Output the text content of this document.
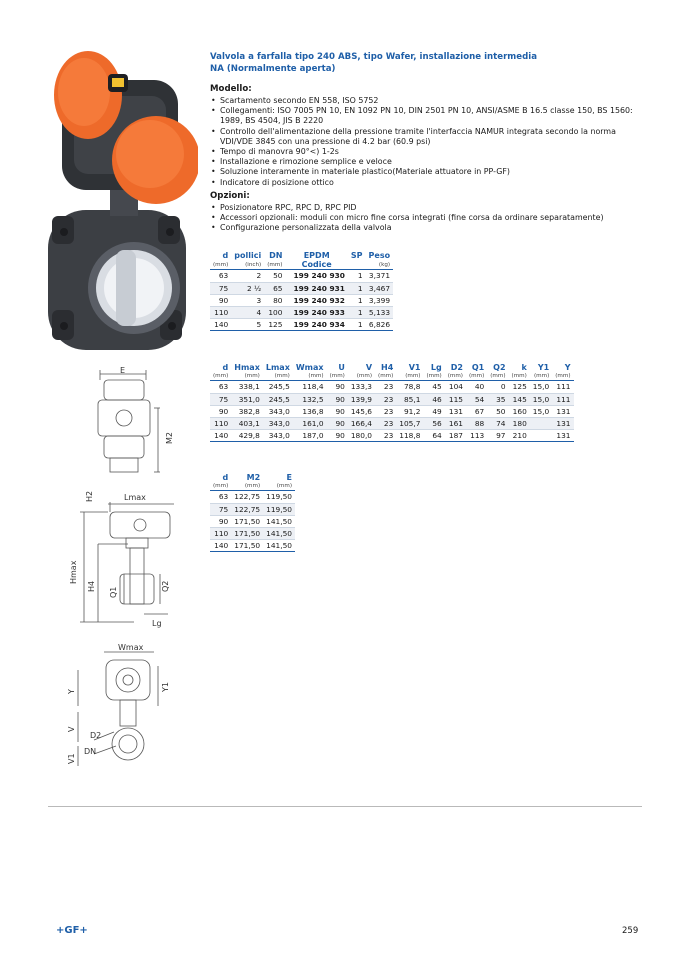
E
M2

H2	Lmax
Hmax
H4
Q1
Q2
Lg

Wmax
Y	Y1
V
D2
DN
V1
Valvola a farfalla tipo 240 ABS, tipo Wafer, installazione intermedia
NA (Normalmente aperta)
Modello:
• Scartamento secondo EN 558, ISO 5752
• Collegamenti: ISO 7005 PN 10, EN 1092 PN 10, DIN 2501 PN 10, ANSI/ASME B 16.5 classe 150, BS 1560: 1989, BS 4504, JIS B 2220
• Controllo dell'alimentazione della pressione tramite l'interfaccia NAMUR integrata secondo la norma VDI/VDE 3845 con una pressione di 4.2 bar (60.9 psi)
• Tempo di manovra 90°<) 1-2s
• Installazione e rimozione semplice e veloce
• Soluzione interamente in materiale plastico(Materiale attuatore in PP-GF)
• Indicatore di posizione ottico
Opzioni:
• Posizionatore RPC, RPC D, RPC PID
• Accessori opzionali: moduli con micro fine corsa integrati (fine corsa da ordinare separatamente)
• Configurazione personalizzata della valvola
d	pollici	DN	EPDM	SP	Peso
(mm)	(inch)	(mm)	Codice		(kg)
63	2	50	199 240 930	1	3,371
75	2 ½	65	199 240 931	1	3,467
90	3	80	199 240 932	1	3,399
110	4	100	199 240 933	1	5,133
140	5	125	199 240 934	1	6,826
d	Hmax	Lmax	Wmax	U	V	H4	V1	Lg	D2	Q1	Q2	k	Y1	Y
(mm)	(mm)	(mm)	(mm)	(mm)	(mm)	(mm)	(mm)	(mm)	(mm)	(mm)	(mm)	(mm)	(mm)	(mm)
63	338,1	245,5	118,4	90	133,3	23	78,8	45	104	40	0	125	15,0	111
75	351,0	245,5	132,5	90	139,9	23	85,1	46	115	54	35	145	15,0	111
90	382,8	343,0	136,8	90	145,6	23	91,2	49	131	67	50	160	15,0	131
110	403,1	343,0	161,0	90	166,4	23	105,7	56	161	88	74	180		131
140	429,8	343,0	187,0	90	180,0	23	118,8	64	187	113	97	210		131
d	M2	E
(mm)	(mm)	(mm)
63	122,75	119,50
75	122,75	119,50
90	171,50	141,50
110	171,50	141,50
140	171,50	141,50
+GF+	259
